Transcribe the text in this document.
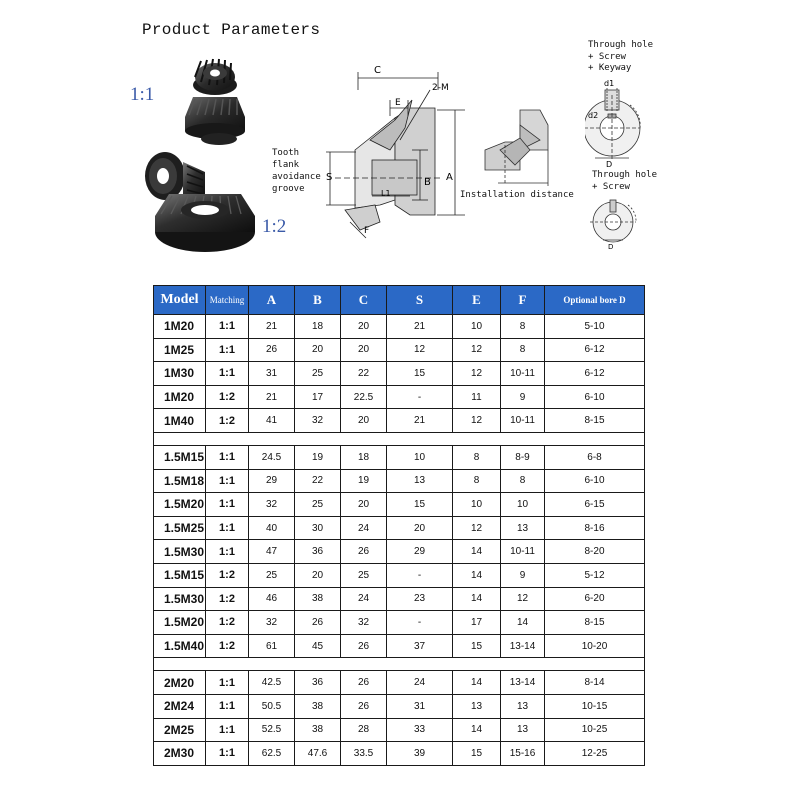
Product Parameters
1:1
1:2
C
E
2-M
S	B A
L1
F
Tooth
flank
avoidance
groove
Installation distance
Through hole
+ Screw
+ Keyway
d1
d2
D
Through hole
+ Screw
D
Model	Matching	A	B	C	S	E	F	Optional bore D
1M20	1:1	21	18	20	21	10	8	5-10
1M25	1:1	26	20	20	12	12	8	6-12
1M30	1:1	31	25	22	15	12	10-11	6-12
1M20	1:2	21	17	22.5	-	11	9	6-10
1M40	1:2	41	32	20	21	12	10-11	8-15

1.5M15	1:1	24.5	19	18	10	8	8-9	6-8
1.5M18	1:1	29	22	19	13	8	8	6-10
1.5M20	1:1	32	25	20	15	10	10	6-15
1.5M25	1:1	40	30	24	20	12	13	8-16
1.5M30	1:1	47	36	26	29	14	10-11	8-20
1.5M15	1:2	25	20	25	-	14	9	5-12
1.5M30	1:2	46	38	24	23	14	12	6-20
1.5M20	1:2	32	26	32	-	17	14	8-15
1.5M40	1:2	61	45	26	37	15	13-14	10-20

2M20	1:1	42.5	36	26	24	14	13-14	8-14
2M24	1:1	50.5	38	26	31	13	13	10-15
2M25	1:1	52.5	38	28	33	14	13	10-25
2M30	1:1	62.5	47.6	33.5	39	15	15-16	12-25
